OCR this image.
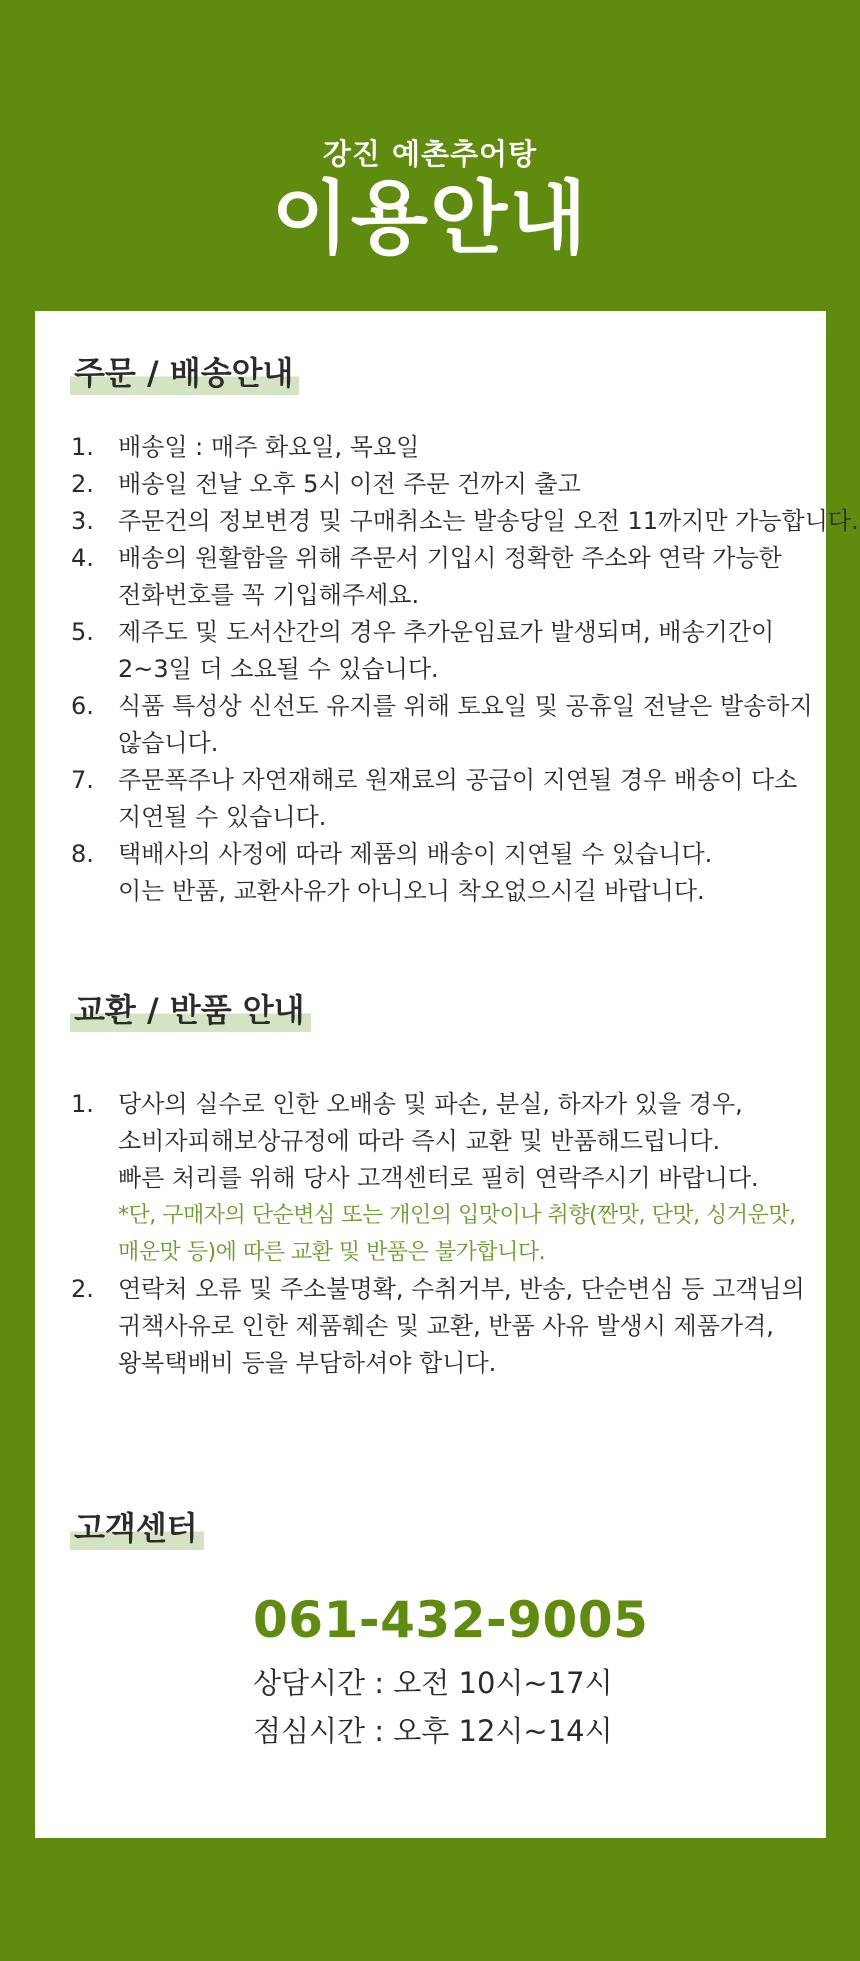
강진 예촌추어탕
이용안내
주문 / 배송안내
1.	배송일 : 매주 화요일, 목요일
2.	배송일 전날 오후 5시 이전 주문 건까지 출고
3.	주문건의 정보변경 및 구매취소는 발송당일 오전 11까지만 가능합니다.
4.	배송의 원활함을 위해 주문서 기입시 정확한 주소와 연락 가능한
전화번호를 꼭 기입해주세요.
5.	제주도 및 도서산간의 경우 추가운임료가 발생되며, 배송기간이
2~3일 더 소요될 수 있습니다.
6.	식품 특성상 신선도 유지를 위해 토요일 및 공휴일 전날은 발송하지
않습니다.
7.	주문폭주나 자연재해로 원재료의 공급이 지연될 경우 배송이 다소
지연될 수 있습니다.
8.	택배사의 사정에 따라 제품의 배송이 지연될 수 있습니다.
이는 반품, 교환사유가 아니오니 착오없으시길 바랍니다.
교환 / 반품 안내
1.	당사의 실수로 인한 오배송 및 파손, 분실, 하자가 있을 경우,
소비자피해보상규정에 따라 즉시 교환 및 반품해드립니다.
빠른 처리를 위해 당사 고객센터로 필히 연락주시기 바랍니다.
*단, 구매자의 단순변심 또는 개인의 입맛이나 취향(짠맛, 단맛, 싱거운맛,
매운맛 등)에 따른 교환 및 반품은 불가합니다.
2.	연락처 오류 및 주소불명확, 수취거부, 반송, 단순변심 등 고객님의
귀책사유로 인한 제품훼손 및 교환, 반품 사유 발생시 제품가격,
왕복택배비 등을 부담하셔야 합니다.
고객센터
061-432-9005
상담시간 : 오전 10시~17시
점심시간 : 오후 12시~14시
